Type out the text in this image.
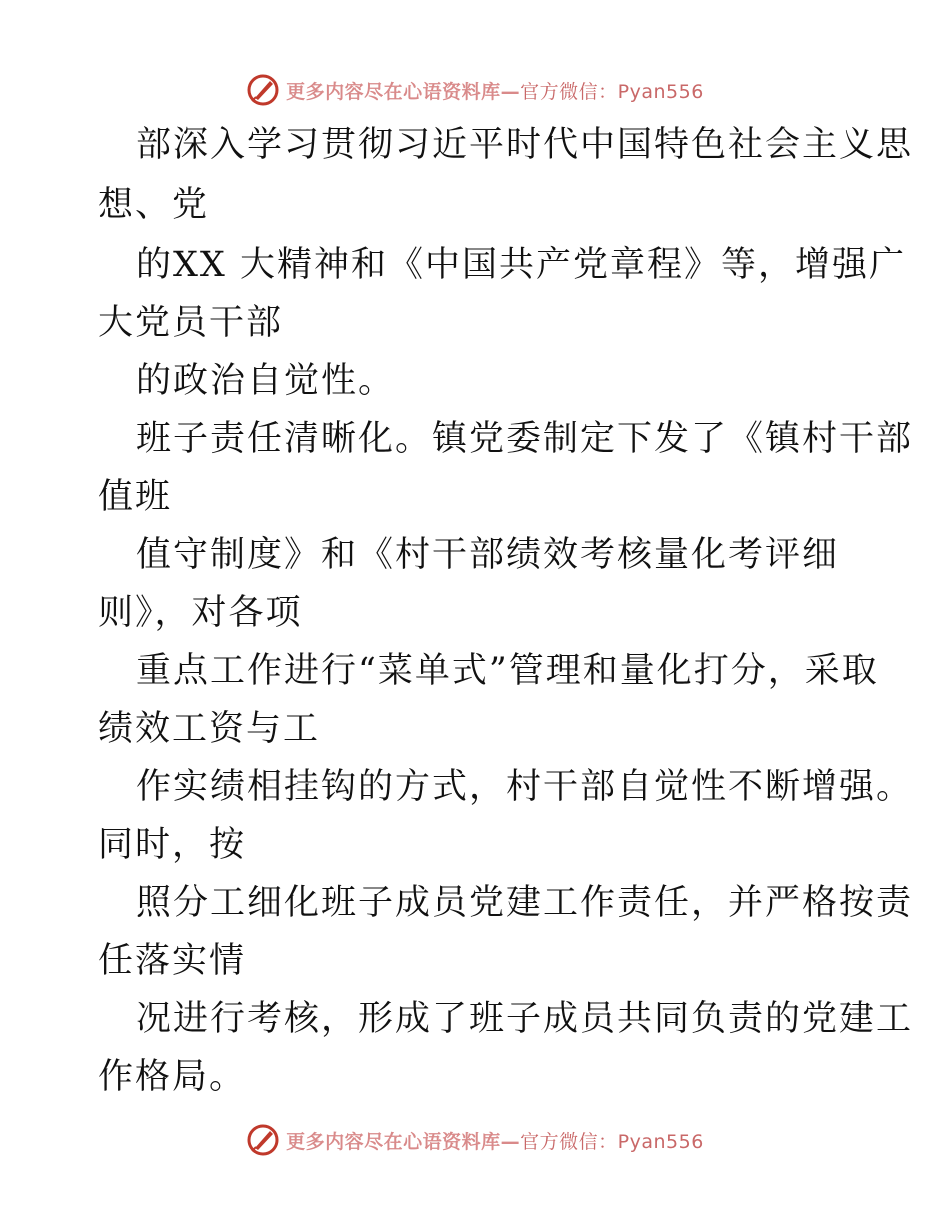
更多内容尽在心语资料库—官方微信：Pyan556
部深入学习贯彻习近平时代中国特色社会主义思
想、党
的XX 大精神和《中国共产党章程》等，增强广
大党员干部
的政治自觉性。
班子责任清晰化。镇党委制定下发了《镇村干部
值班
值守制度》和《村干部绩效考核量化考评细
则》，对各项
重点工作进行“菜单式”管理和量化打分，采取
绩效工资与工
作实绩相挂钩的方式，村干部自觉性不断增强。
同时，按
照分工细化班子成员党建工作责任，并严格按责
任落实情
况进行考核，形成了班子成员共同负责的党建工
作格局。
更多内容尽在心语资料库—官方微信：Pyan556
